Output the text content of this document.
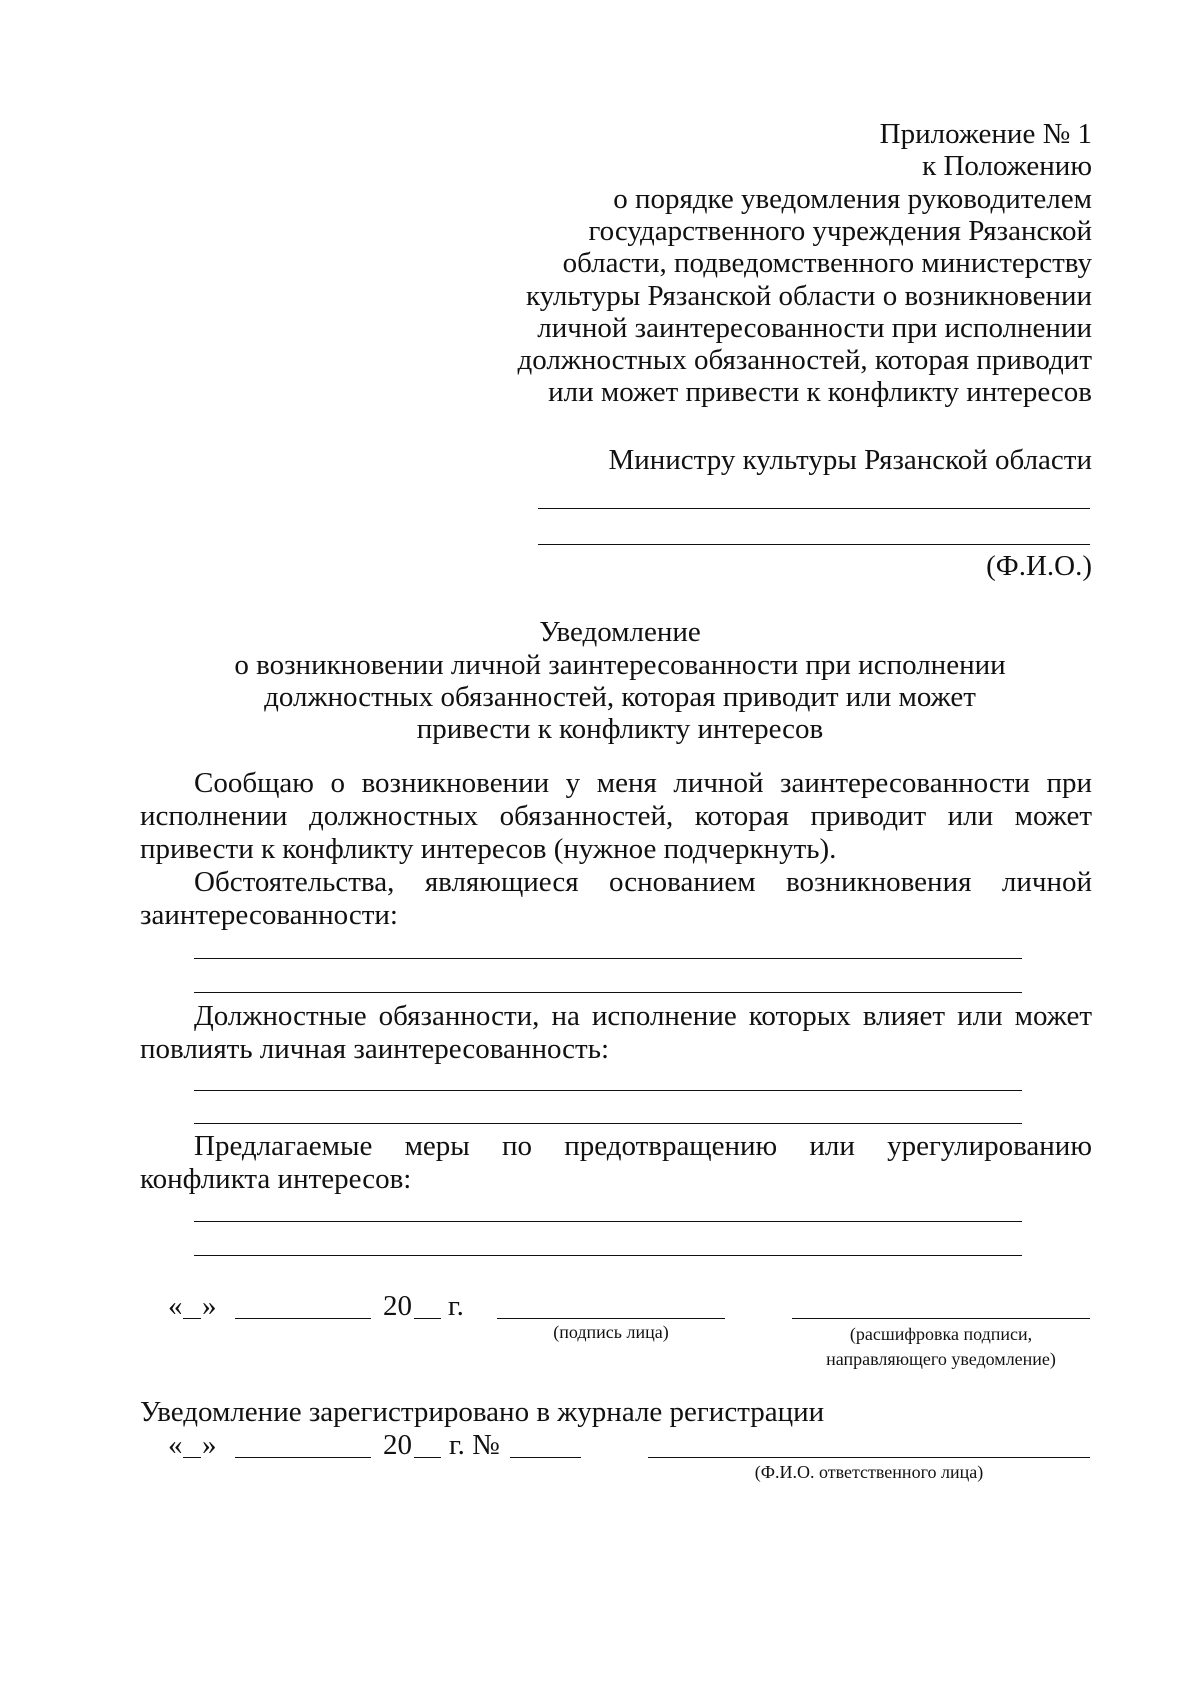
Приложение № 1
к Положению
о порядке уведомления руководителем
государственного учреждения Рязанской
области, подведомственного министерству
культуры Рязанской области о возникновении
личной заинтересованности при исполнении
должностных обязанностей, которая приводит
или может привести к конфликту интересов
Министру культуры Рязанской области
(Ф.И.О.)
Уведомление
о возникновении личной заинтересованности при исполнении
должностных обязанностей, которая приводит или может
привести к конфликту интересов
Сообщаю о возникновении у меня личной заинтересованности при
исполнении должностных обязанностей, которая приводит или может
привести к конфликту интересов (нужное подчеркнуть).
Обстоятельства, являющиеся основанием возникновения личной
заинтересованности:
Должностные обязанности, на исполнение которых влияет или может
повлиять личная заинтересованность:
Предлагаемые меры по предотвращению или урегулированию
конфликта интересов:
« »	20 г.
(подпись лица)	(расшифровка подписи,
направляющего уведомление)
Уведомление зарегистрировано в журнале регистрации
« »	20 г. №
(Ф.И.О. ответственного лица)
